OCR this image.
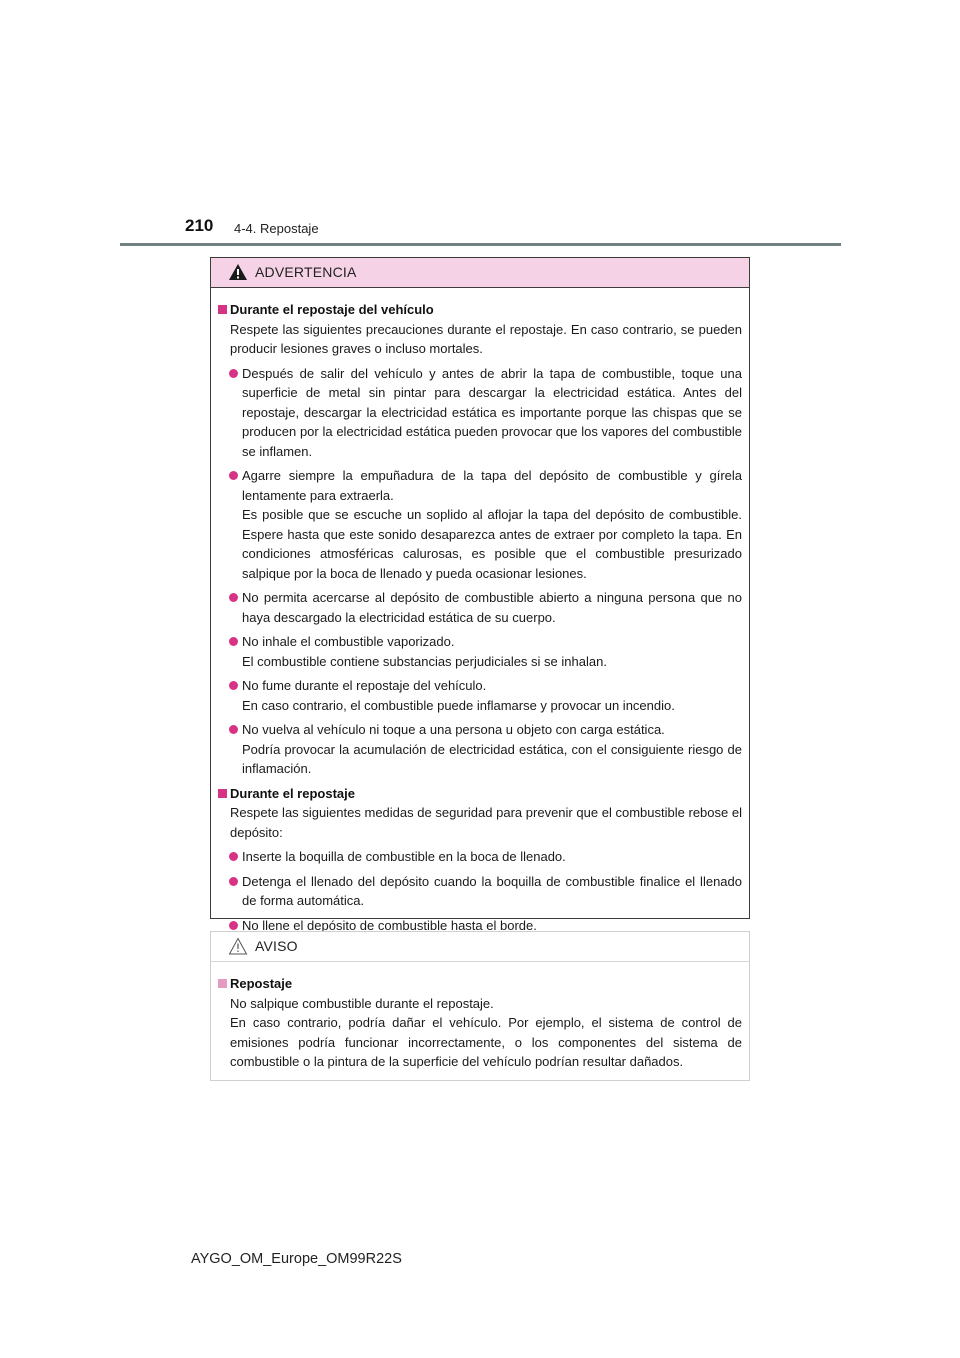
210 4-4. Repostaje
ADVERTENCIA
Durante el repostaje del vehículo
Respete las siguientes precauciones durante el repostaje. En caso contrario, se pueden producir lesiones graves o incluso mortales.
Después de salir del vehículo y antes de abrir la tapa de combustible, toque una superficie de metal sin pintar para descargar la electricidad estática. Antes del repostaje, descargar la electricidad estática es importante porque las chispas que se producen por la electricidad estática pueden provocar que los vapores del combustible se inflamen.
Agarre siempre la empuñadura de la tapa del depósito de combustible y gírela lentamente para extraerla.
Es posible que se escuche un soplido al aflojar la tapa del depósito de combustible. Espere hasta que este sonido desaparezca antes de extraer por completo la tapa. En condiciones atmosféricas calurosas, es posible que el combustible presurizado salpique por la boca de llenado y pueda ocasionar lesiones.
No permita acercarse al depósito de combustible abierto a ninguna persona que no haya descargado la electricidad estática de su cuerpo.
No inhale el combustible vaporizado.
El combustible contiene substancias perjudiciales si se inhalan.
No fume durante el repostaje del vehículo.
En caso contrario, el combustible puede inflamarse y provocar un incendio.
No vuelva al vehículo ni toque a una persona u objeto con carga estática.
Podría provocar la acumulación de electricidad estática, con el consiguiente riesgo de inflamación.
Durante el repostaje
Respete las siguientes medidas de seguridad para prevenir que el combustible rebose el depósito:
Inserte la boquilla de combustible en la boca de llenado.
Detenga el llenado del depósito cuando la boquilla de combustible finalice el llenado de forma automática.
No llene el depósito de combustible hasta el borde.
AVISO
Repostaje
No salpique combustible durante el repostaje.
En caso contrario, podría dañar el vehículo. Por ejemplo, el sistema de control de emisiones podría funcionar incorrectamente, o los componentes del sistema de combustible o la pintura de la superficie del vehículo podrían resultar dañados.
AYGO_OM_Europe_OM99R22S
